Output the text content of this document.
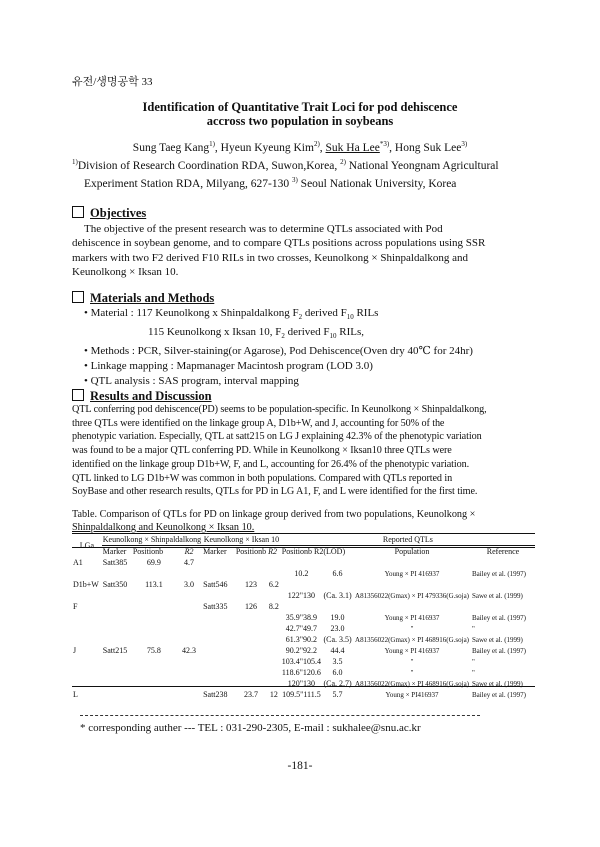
유전/생명공학 33
Identification of Quantitative Trait Loci for pod dehiscence
accross two population in soybeans
Sung Taeg Kang$^{1)}$, Hyeun Kyeung Kim$^{2)}$, Suk Ha Lee$^{*3)}$, Hong Suk Lee$^{3)}$
$^{1)}$Division of Research Coordination RDA, Suwon,Korea, $^{2)}$ National Yeongnam Agricultural
Experiment Station RDA, Milyang, 627-130 $^{3)}$ Seoul Nationak University, Korea
Objectives
The objective of the present research was to determine QTLs associated with Pod
dehiscence in soybean genome, and to compare QTLs positions across populations using SSR
markers with two F2 derived F10 RILs in two crosses, Keunolkong × Shinpaldalkong and
Keunolkong × Iksan 10.
Materials and Methods
• Material : 117 Keunolkong x Shinpaldalkong $F_2$ derived $F_{10}$ RILs
115 Keunolkong x Iksan 10, $F_2$ derived $F_{10}$ RILs,
• Methods : PCR, Silver-staining(or Agarose), Pod Dehiscence(Oven dry 40℃ for 24hr)
• Linkage mapping : Mapmanager Macintosh program (LOD 3.0)
• QTL analysis : SAS program, interval mapping
Results and Discussion
QTL conferring pod dehiscence(PD) seems to be population-specific. In Keunolkong × Shinpaldalkong,
three QTLs were identified on the linkage group A, D1b+W, and J, accounting for 50% of the
phenotypic variation. Especially, QTL at satt215 on LG J explaining 42.3% of the phenotypic variation
was found to be a major QTL conferring PD. While in Keunolkong × Iksan10 three QTLs were
identified on the linkage group D1b+W, F, and L, accounting for 26.4% of the phenotypic variation.
QTL linked to LG D1b+W was common in both populations. Compared with QTLs reported in
SoyBase and other research results, QTLs for PD in LG A1, F, and L were identified for the first time.
Table. Comparison of QTLs for PD on linkage group derived from two populations, Keunolkong ×
Shinpaldalkong and Keunolkong × Iksan 10.
LGa	Keunolkong × Shinpaldalkong			Keunolkong × Iksan 10			Reported QTLs			
	Marker	Positionb	R2	Marker	Positionb	R2	Positionb R2(LOD)		Population	Reference
A1	Satt385	69.9	4.7							
							10.2	6.6	Young × PI 416937	Bailey et al. (1997)
D1b+W	Satt350	113.1	3.0	Satt546	123	6.2				
							122"130	(Ca. 3.1)	A81356022(Gmax) × PI 479336(G.soja)	Sawe et al. (1999)
F				Satt335	126	8.2				
							35.9"38.9	19.0	Young × PI 416937	Bailey et al. (1997)
							42.7"49.7	23.0	"	"
							61.3"90.2	(Ca. 3.5)	A81356022(Gmax) × PI 468916(G.soja)	Sawe et al. (1999)
J	Satt215	75.8	42.3				90.2"92.2	44.4	Young × PI 416937	Bailey et al. (1997)
							103.4"105.4	3.5	"	"
							118.6"120.6	6.0	"	"
							120"130	(Ca. 2.7)	A81356022(Gmax) × PI 468916(G.soja)	Sawe et al. (1999)
L				Satt238	23.7	12	109.5"111.5	5.7	Young × PI416937	Bailey et al. (1997)
* corresponding auther --- TEL : 031-290-2305, E-mail : sukhalee@snu.ac.kr
-181-
